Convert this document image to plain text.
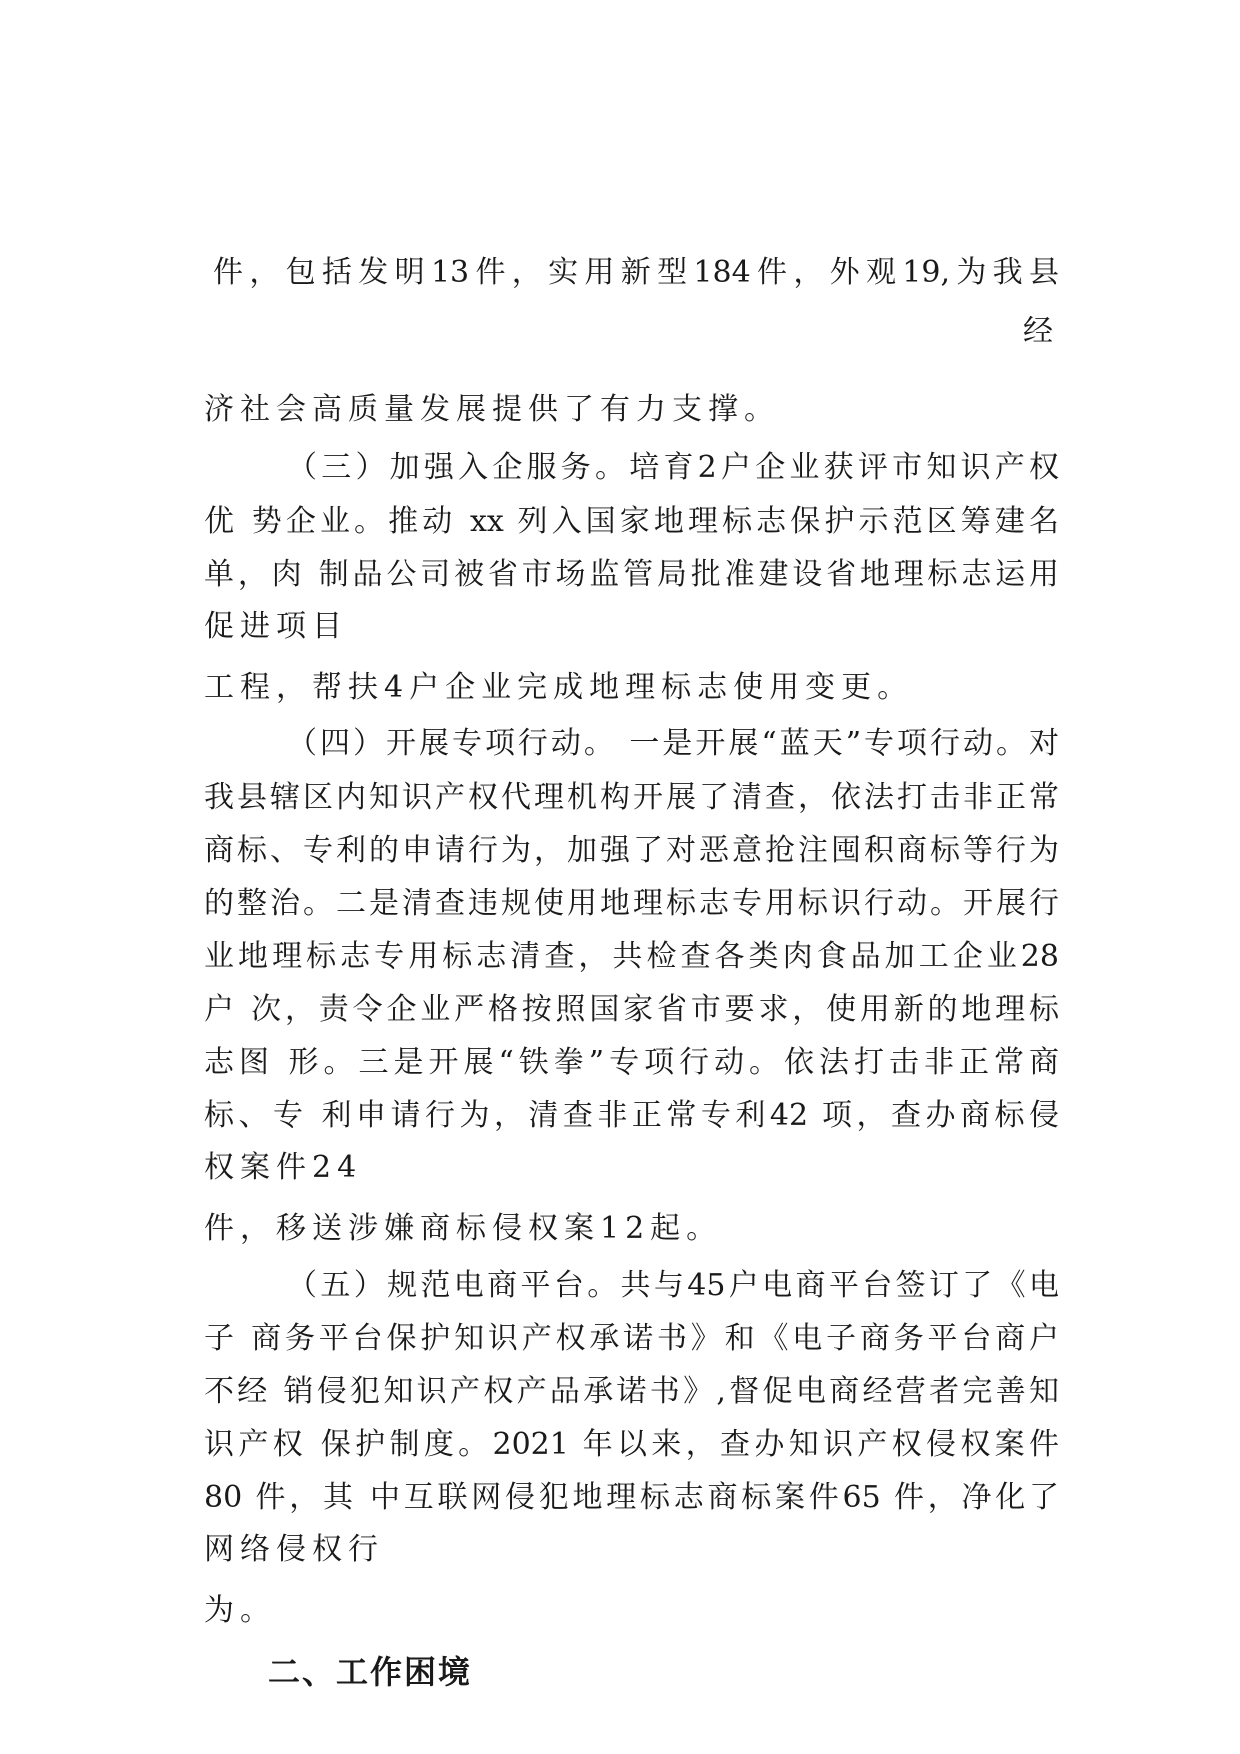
件，包括发明13件，实用新型184件，外观19,为我县
经
济社会高质量发展提供了有力支撑。
（三）加强入企服务。培育2户企业获评市知识产权
优 势企业。推动 xx 列入国家地理标志保护示范区筹建名
单，肉 制品公司被省市场监管局批准建设省地理标志运用
促进项目
工程，帮扶4户企业完成地理标志使用变更。
（四）开展专项行动。 一是开展“蓝天”专项行动。对
我县辖区内知识产权代理机构开展了清查，依法打击非正常
商标、专利的申请行为，加强了对恶意抢注囤积商标等行为
的整治。二是清查违规使用地理标志专用标识行动。开展行
业地理标志专用标志清查，共检查各类肉食品加工企业28
户 次，责令企业严格按照国家省市要求，使用新的地理标
志图 形。三是开展“铁拳”专项行动。依法打击非正常商
标、专 利申请行为，清查非正常专利42 项，查办商标侵
权案件24
件，移送涉嫌商标侵权案12起。
（五）规范电商平台。共与45户电商平台签订了《电
子 商务平台保护知识产权承诺书》和《电子商务平台商户
不经 销侵犯知识产权产品承诺书》,督促电商经营者完善知
识产权 保护制度。2021 年以来，查办知识产权侵权案件
80 件，其 中互联网侵犯地理标志商标案件65 件，净化了
网络侵权行
为。
二、工作困境
